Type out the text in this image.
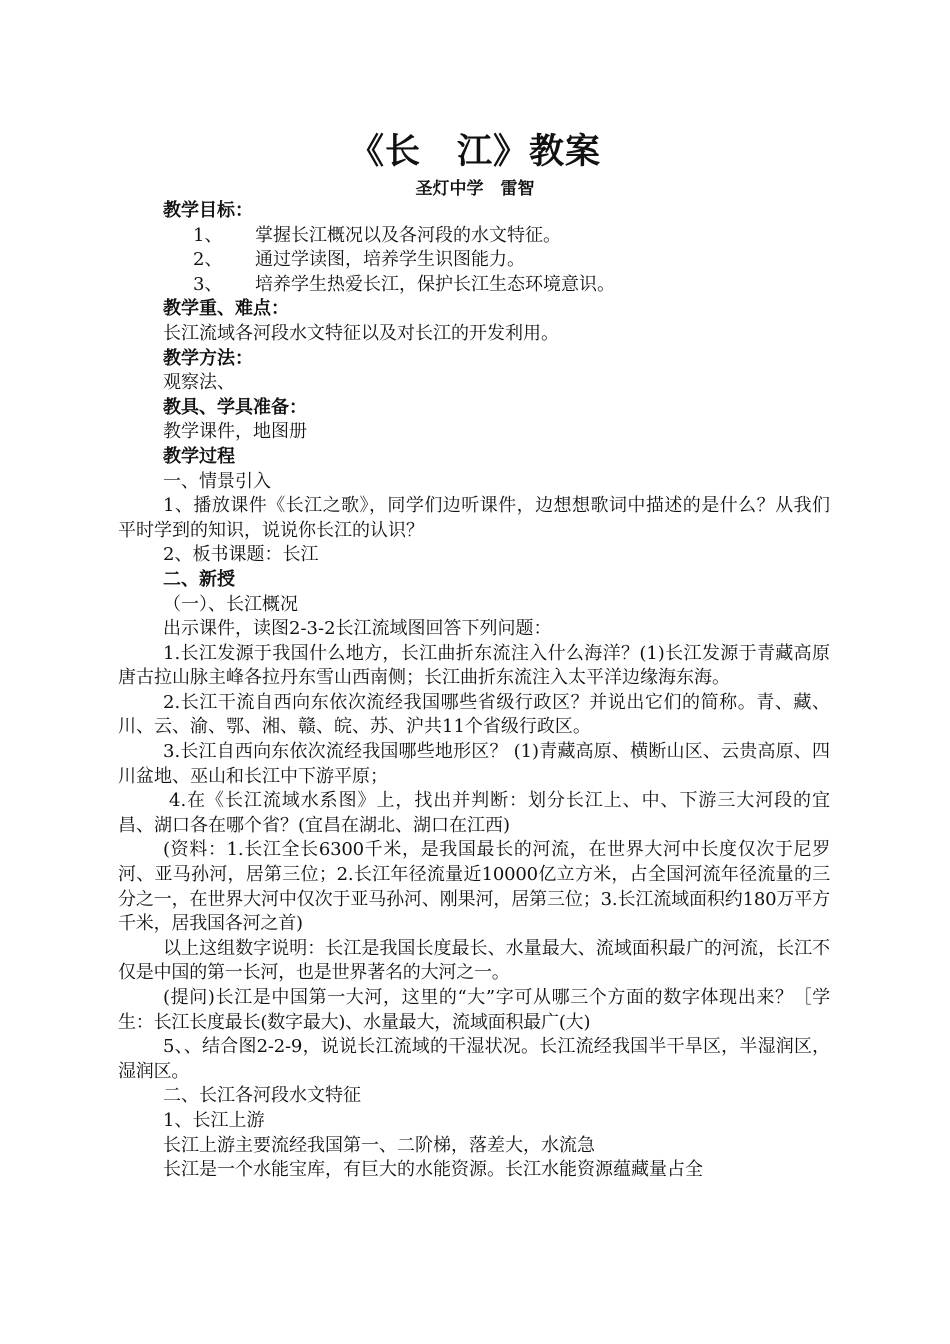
《长　江》教案
圣灯中学　雷智

教学目标：

1、 掌握长江概况以及各河段的水文特征。

2、 通过学读图，培养学生识图能力。

3、 培养学生热爱长江，保护长江生态环境意识。

教学重、难点：

长江流域各河段水文特征以及对长江的开发利用。

教学方法：

观察法、

教具、学具准备：

教学课件，地图册

教学过程

一、情景引入

1、播放课件《长江之歌》，同学们边听课件，边想想歌词中描述的是什么？从我们平时学到的知识，说说你长江的认识？

2、板书课题：长江

二、新授

（一）、长江概况

出示课件，读图2-3-2长江流域图回答下列问题：

1.长江发源于我国什么地方，长江曲折东流注入什么海洋？(1)长江发源于青藏高原唐古拉山脉主峰各拉丹东雪山西南侧；长江曲折东流注入太平洋边缘海东海。

2.长江干流自西向东依次流经我国哪些省级行政区？并说出它们的简称。青、藏、川、云、渝、鄂、湘、赣、皖、苏、沪共11个省级行政区。

3.长江自西向东依次流经我国哪些地形区？ (1)青藏高原、横断山区、云贵高原、四川盆地、巫山和长江中下游平原；

4.在《长江流域水系图》上，找出并判断：划分长江上、中、下游三大河段的宜昌、湖口各在哪个省？(宜昌在湖北、湖口在江西)

(资料：1.长江全长6300千米，是我国最长的河流，在世界大河中长度仅次于尼罗河、亚马孙河，居第三位；2.长江年径流量近10000亿立方米，占全国河流年径流量的三分之一，在世界大河中仅次于亚马孙河、刚果河，居第三位；3.长江流域面积约180万平方千米，居我国各河之首)

以上这组数字说明：长江是我国长度最长、水量最大、流域面积最广的河流，长江不仅是中国的第一长河，也是世界著名的大河之一。

(提问)长江是中国第一大河，这里的“大”字可从哪三个方面的数字体现出来？［学生：长江长度最长(数字最大)、水量最大，流域面积最广(大)

5、、结合图2-2-9，说说长江流域的干湿状况。长江流经我国半干旱区，半湿润区，湿润区。

二、长江各河段水文特征

1、长江上游

长江上游主要流经我国第一、二阶梯，落差大，水流急

长江是一个水能宝库，有巨大的水能资源。长江水能资源蕴藏量占全
